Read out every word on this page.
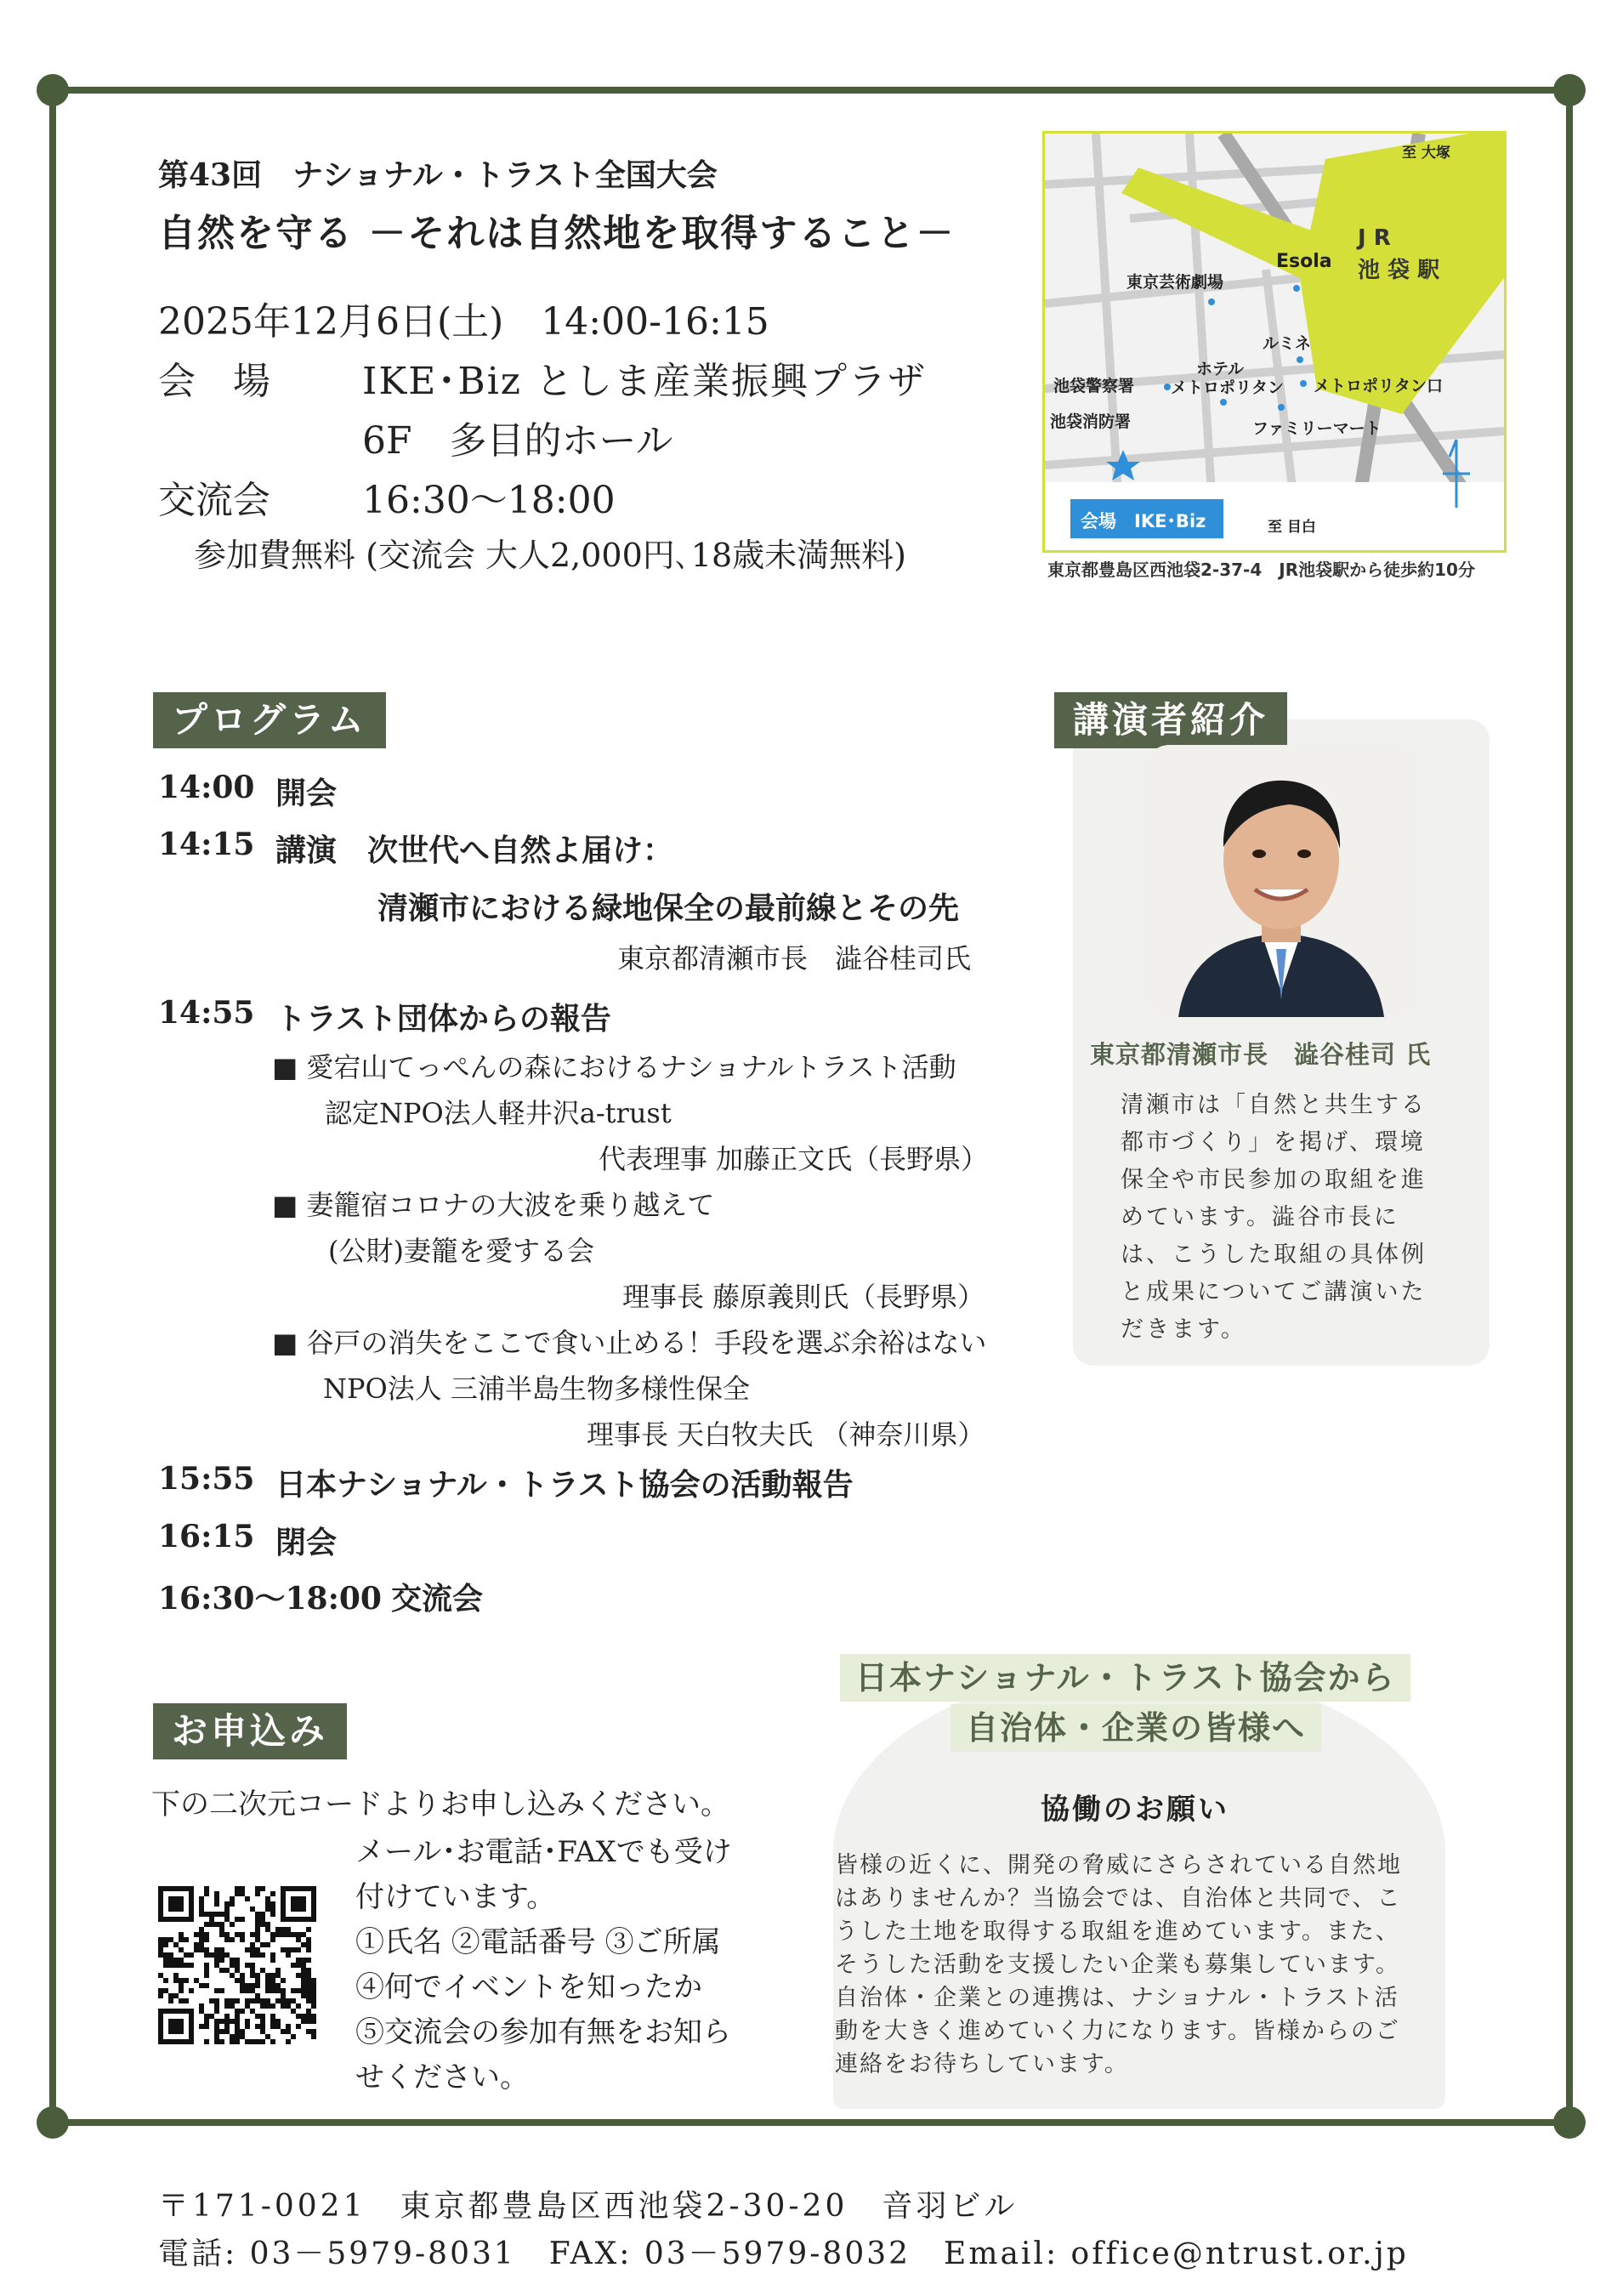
第43回　ナショナル・トラスト全国大会
自然を守る －それは自然地を取得すること－
2025年12月6日(土)　14:00-16:15
会　場 IKE･Biz としま産業振興プラザ
6F　多目的ホール
交流会 16:30～18:00
参加費無料 (交流会 大人2,000円､18歳未満無料)
至 大塚
J R
池 袋 駅
Esola
東京芸術劇場
ルミネ
ホテル
メトロポリタン
池袋警察署	メトロポリタン口
池袋消防署	ファミリーマート
会場　IKE･Biz	至 目白
東京都豊島区西池袋2-37-4　JR池袋駅から徒歩約10分
プログラム
14:00 開会
14:15 講演　次世代へ自然よ届け：
清瀬市における緑地保全の最前線とその先
東京都清瀬市長　澁谷桂司氏
14:55 トラスト団体からの報告
■ 愛宕山てっぺんの森におけるナショナルトラスト活動
認定NPO法人軽井沢a-trust
代表理事 加藤正文氏（長野県）
■ 妻籠宿コロナの大波を乗り越えて
(公財)妻籠を愛する会
理事長 藤原義則氏（長野県）
■ 谷戸の消失をここで食い止める！手段を選ぶ余裕はない
NPO法人 三浦半島生物多様性保全
理事長 天白牧夫氏 （神奈川県）
15:55 日本ナショナル・トラスト協会の活動報告
16:15 閉会
16:30～18:00 交流会
講演者紹介
東京都清瀬市長　澁谷桂司 氏
清瀬市は「自然と共生する
都市づくり」を掲げ、環境
保全や市民参加の取組を進
めています。澁谷市長に
は、こうした取組の具体例
と成果についてご講演いた
だきます。
お申込み
下の二次元コードよりお申し込みください。
メール･お電話･FAXでも受け
付けています。
①氏名 ②電話番号 ③ご所属
④何でイベントを知ったか
⑤交流会の参加有無をお知ら
せください。
日本ナショナル・トラスト協会から
自治体・企業の皆様へ
協働のお願い
皆様の近くに、開発の脅威にさらされている自然地
はありませんか？当協会では、自治体と共同で、こ
うした土地を取得する取組を進めています。また、
そうした活動を支援したい企業も募集しています。
自治体・企業との連携は、ナショナル・トラスト活
動を大きく進めていく力になります。皆様からのご
連絡をお待ちしています。
〒171-0021　東京都豊島区西池袋2-30-20　音羽ビル
電話: 03－5979-8031　FAX: 03－5979-8032　Email: office@ntrust.or.jp
